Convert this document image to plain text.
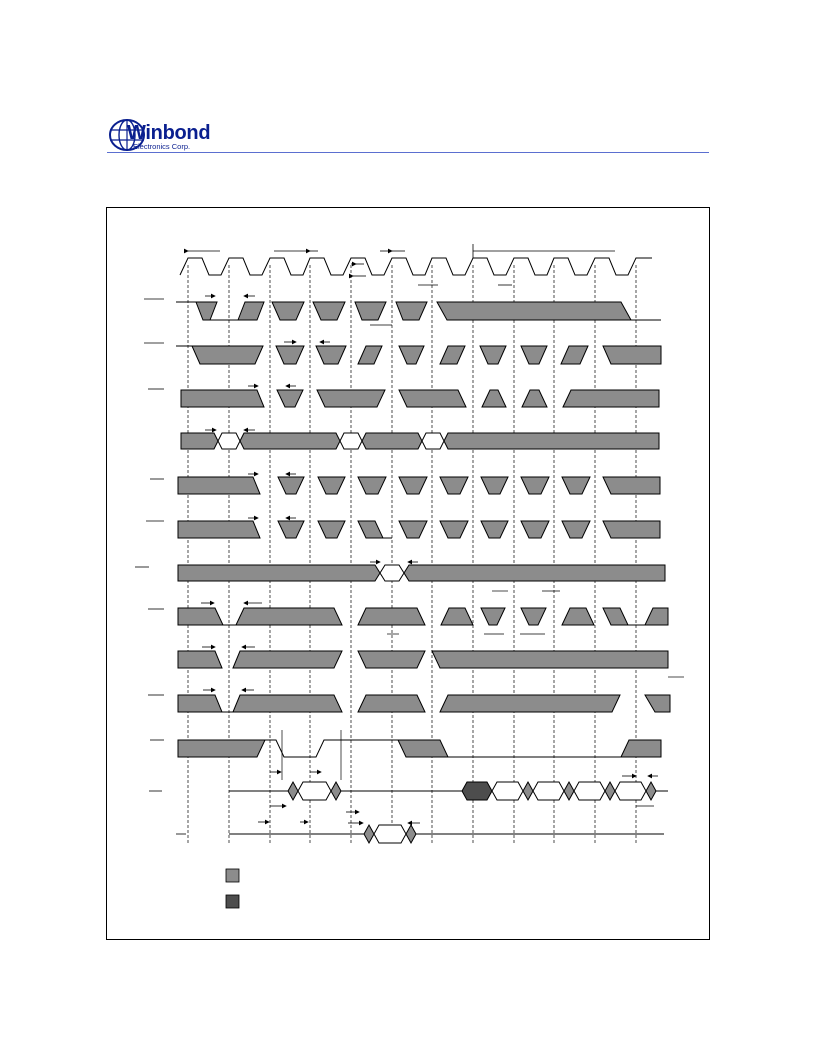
Winbond
Electronics Corp.
